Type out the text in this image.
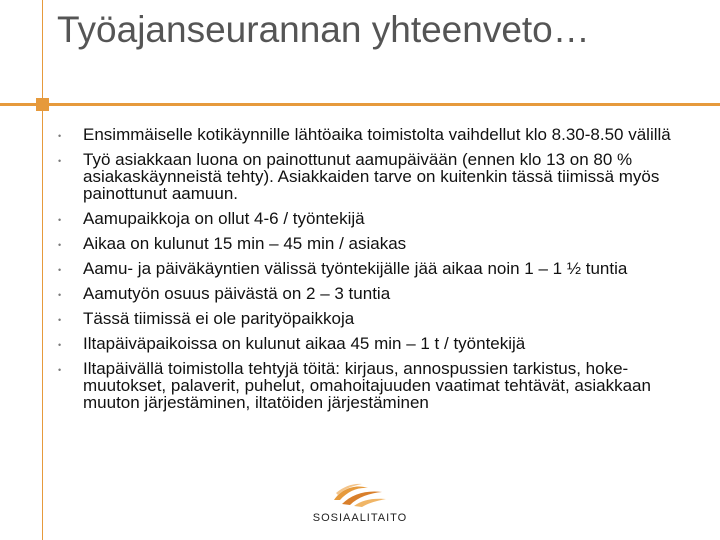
Työajanseurannan yhteenveto…
• Ensimmäiselle kotikäynnille lähtöaika toimistolta vaihdellut klo 8.30-8.50 välillä
• Työ asiakkaan luona on painottunut aamupäivään (ennen klo 13 on 80 % asiakaskäynneistä tehty). Asiakkaiden tarve on kuitenkin tässä tiimissä myös painottunut aamuun.
• Aamupaikkoja on ollut 4-6 / työntekijä
• Aikaa on kulunut 15 min – 45 min / asiakas
• Aamu- ja päiväkäyntien välissä työntekijälle jää aikaa noin 1 – 1 ½ tuntia
• Aamutyön osuus päivästä on 2 – 3 tuntia
• Tässä tiimissä ei ole parityöpaikkoja
• Iltapäiväpaikoissa on kulunut aikaa 45 min – 1 t / työntekijä
• Iltapäivällä toimistolla tehtyjä töitä: kirjaus, annospussien tarkistus, hoke-muutokset, palaverit, puhelut, omahoitajuuden vaatimat tehtävät, asiakkaan muuton järjestäminen, iltatöiden järjestäminen
SOSIAALITAITO
